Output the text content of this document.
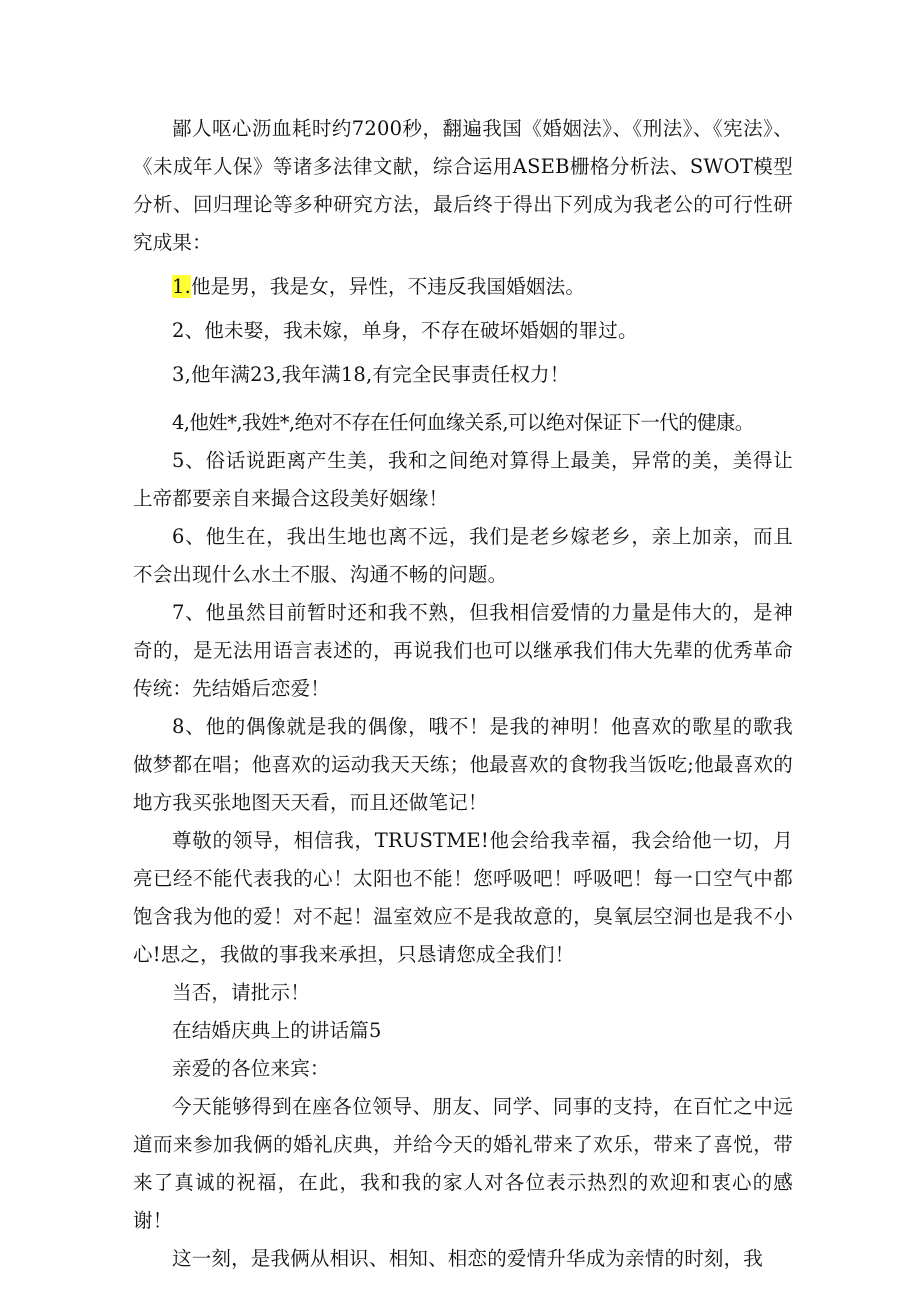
鄙人呕心沥血耗时约7200秒，翻遍我国《婚姻法》、《刑法》、《宪法》、《未成年人保》等诸多法律文献，综合运用ASEB栅格分析法、SWOT模型分析、回归理论等多种研究方法，最后终于得出下列成为我老公的可行性研究成果：

1.他是男，我是女，异性，不违反我国婚姻法。

2、他未娶，我未嫁，单身，不存在破坏婚姻的罪过。

3,他年满23,我年满18,有完全民事责任权力！

4,他姓*,我姓*,绝对不存在任何血缘关系,可以绝对保证下一代的健康。

5、俗话说距离产生美，我和之间绝对算得上最美，异常的美，美得让上帝都要亲自来撮合这段美好姻缘！

6、他生在，我出生地也离不远，我们是老乡嫁老乡，亲上加亲，而且不会出现什么水土不服、沟通不畅的问题。

7、他虽然目前暂时还和我不熟，但我相信爱情的力量是伟大的，是神奇的，是无法用语言表述的，再说我们也可以继承我们伟大先辈的优秀革命传统：先结婚后恋爱！

8、他的偶像就是我的偶像，哦不！是我的神明！他喜欢的歌星的歌我做梦都在唱；他喜欢的运动我天天练；他最喜欢的食物我当饭吃;他最喜欢的地方我买张地图天天看，而且还做笔记！

尊敬的领导，相信我，TRUSTME!他会给我幸福，我会给他一切，月亮已经不能代表我的心！太阳也不能！您呼吸吧！呼吸吧！每一口空气中都饱含我为他的爱！对不起！温室效应不是我故意的，臭氧层空洞也是我不小心!思之，我做的事我来承担，只恳请您成全我们！

当否，请批示！

在结婚庆典上的讲话篇5

亲爱的各位来宾：

今天能够得到在座各位领导、朋友、同学、同事的支持，在百忙之中远道而来参加我俩的婚礼庆典，并给今天的婚礼带来了欢乐，带来了喜悦，带来了真诚的祝福，在此，我和我的家人对各位表示热烈的欢迎和衷心的感谢！

这一刻，是我俩从相识、相知、相恋的爱情升华成为亲情的时刻，我
